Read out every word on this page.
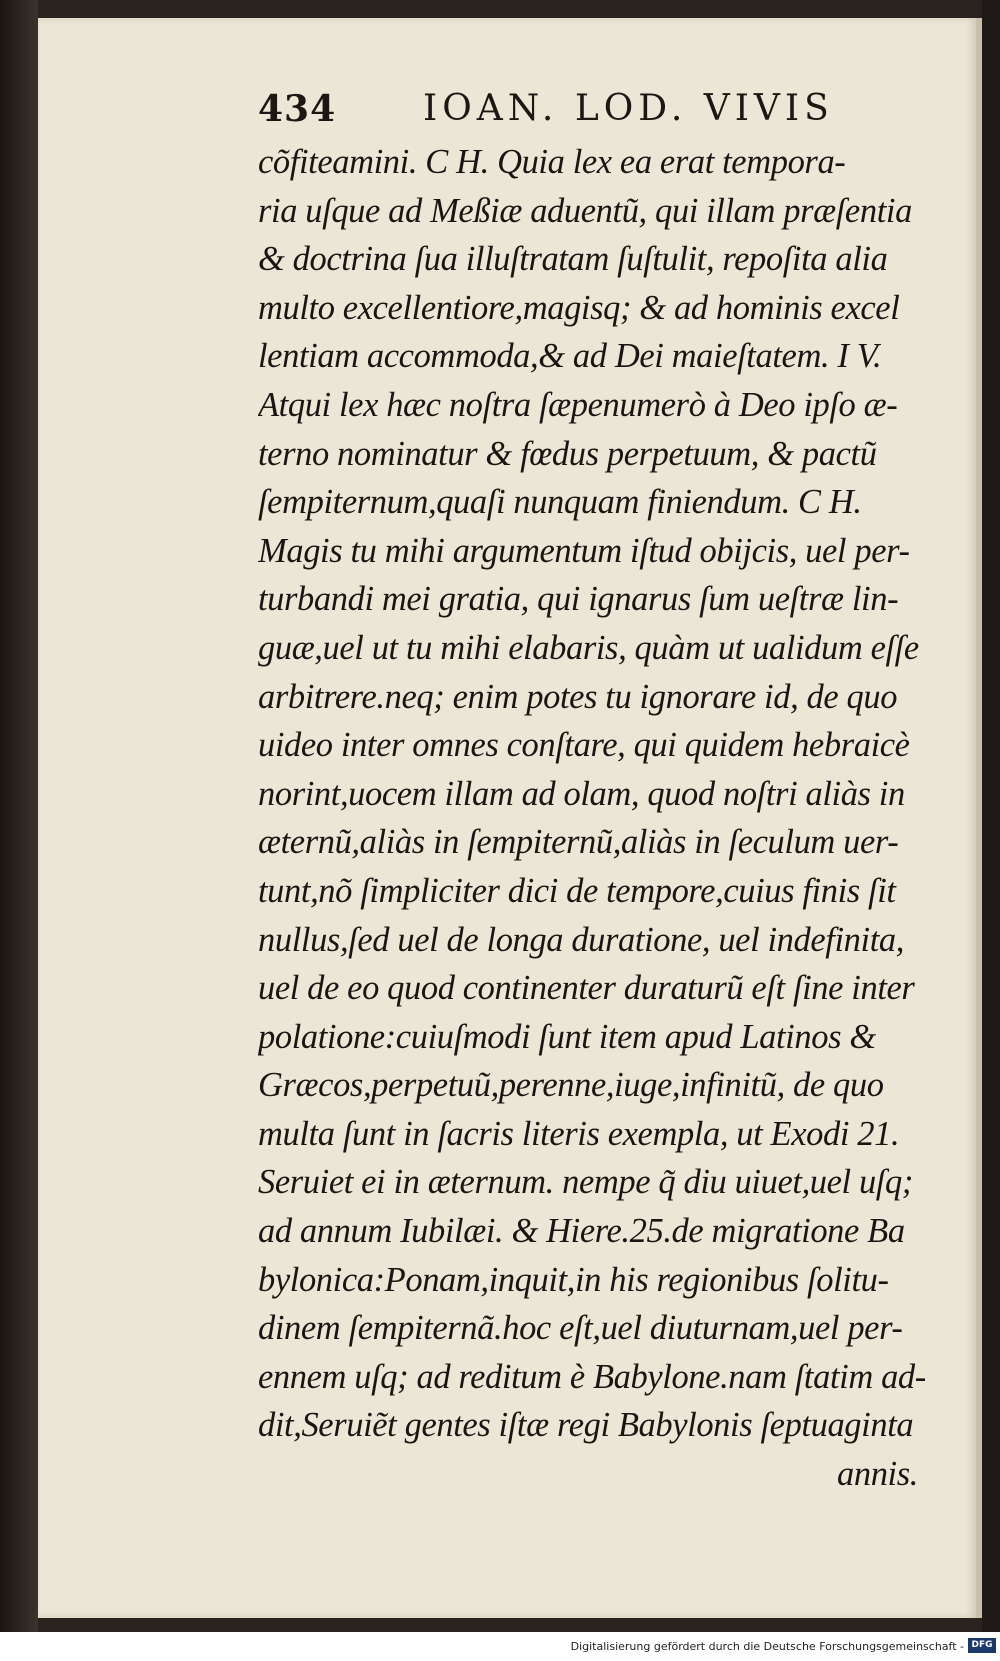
434 IOAN. LOD. VIVIS
cõfiteamini. C H. Quia lex ea erat tempora-
ria uſque ad Meßiæ aduentũ, qui illam præſentia
& doctrina ſua illuſtratam ſuſtulit, repoſita alia
multo excellentiore,magisq; & ad hominis excel
lentiam accommoda,& ad Dei maieſtatem. I V.
Atqui lex hæc noſtra ſæpenumerò à Deo ipſo æ-
terno nominatur & fœdus perpetuum, & pactũ
ſempiternum,quaſi nunquam finiendum. C H.
Magis tu mihi argumentum iſtud obijcis, uel per-
turbandi mei gratia, qui ignarus ſum ueſtræ lin-
guæ,uel ut tu mihi elabaris, quàm ut ualidum eſſe
arbitrere.neq; enim potes tu ignorare id, de quo
uideo inter omnes conſtare, qui quidem hebraicè
norint,uocem illam ad olam, quod noſtri aliàs in
æternũ,aliàs in ſempiternũ,aliàs in ſeculum uer-
tunt,nõ ſimpliciter dici de tempore,cuius finis ſit
nullus,ſed uel de longa duratione, uel indefinita,
uel de eo quod continenter duraturũ eſt ſine inter
polatione:cuiuſmodi ſunt item apud Latinos &
Græcos,perpetuũ,perenne,iuge,infinitũ, de quo
multa ſunt in ſacris literis exempla, ut Exodi 21.
Seruiet ei in æternum. nempe q̃ diu uiuet,uel uſq;
ad annum Iubilæi. & Hiere.25.de migratione Ba
bylonica:Ponam,inquit,in his regionibus ſolitu-
dinem ſempiternã.hoc eſt,uel diuturnam,uel per-
ennem uſq; ad reditum è Babylone.nam ſtatim ad-
dit,Seruiẽt gentes iſtæ regi Babylonis ſeptuaginta
annis.
Digitalisierung gefördert durch die Deutsche Forschungsgemeinschaft - DFG
